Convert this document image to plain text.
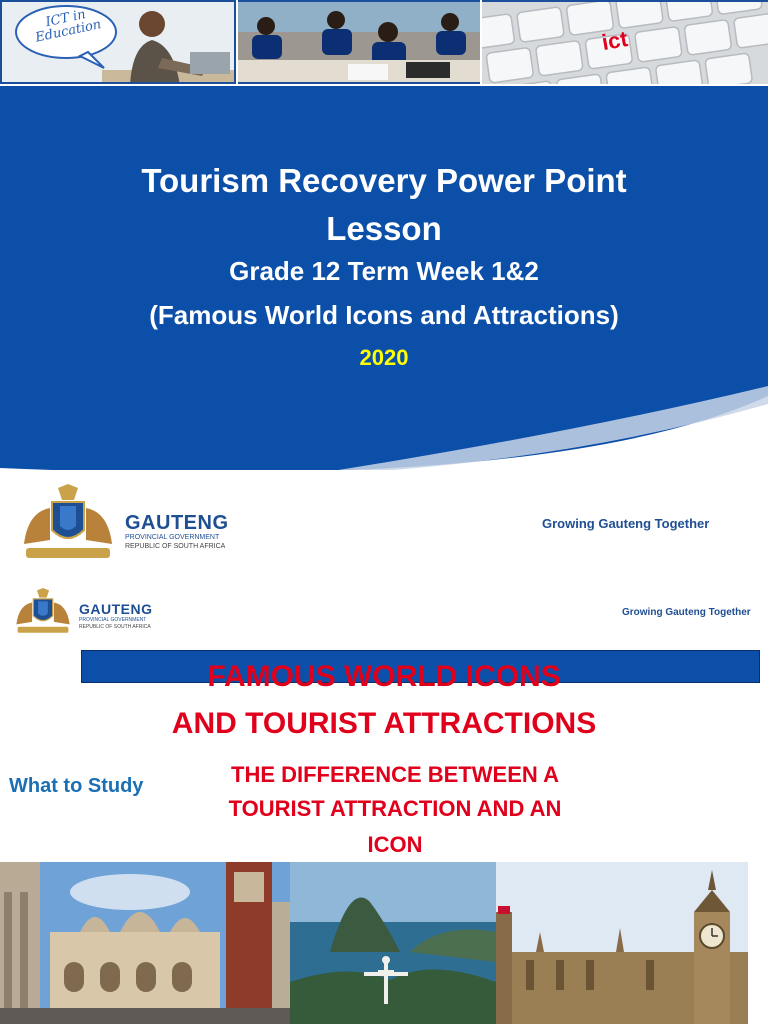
ICT in Education	ict
Tourism Recovery Power Point
Lesson
Grade 12 Term Week 1&2
(Famous World Icons and Attractions)
2020
GAUTENG
PROVINCIAL GOVERNMENT
REPUBLIC OF SOUTH AFRICA
Growing Gauteng Together
GAUTENG
PROVINCIAL GOVERNMENT
REPUBLIC OF SOUTH AFRICA
Growing Gauteng Together
FAMOUS WORLD ICONS
AND TOURIST ATTRACTIONS
What to Study	THE DIFFERENCE BETWEEN A
TOURIST ATTRACTION AND AN
ICON
